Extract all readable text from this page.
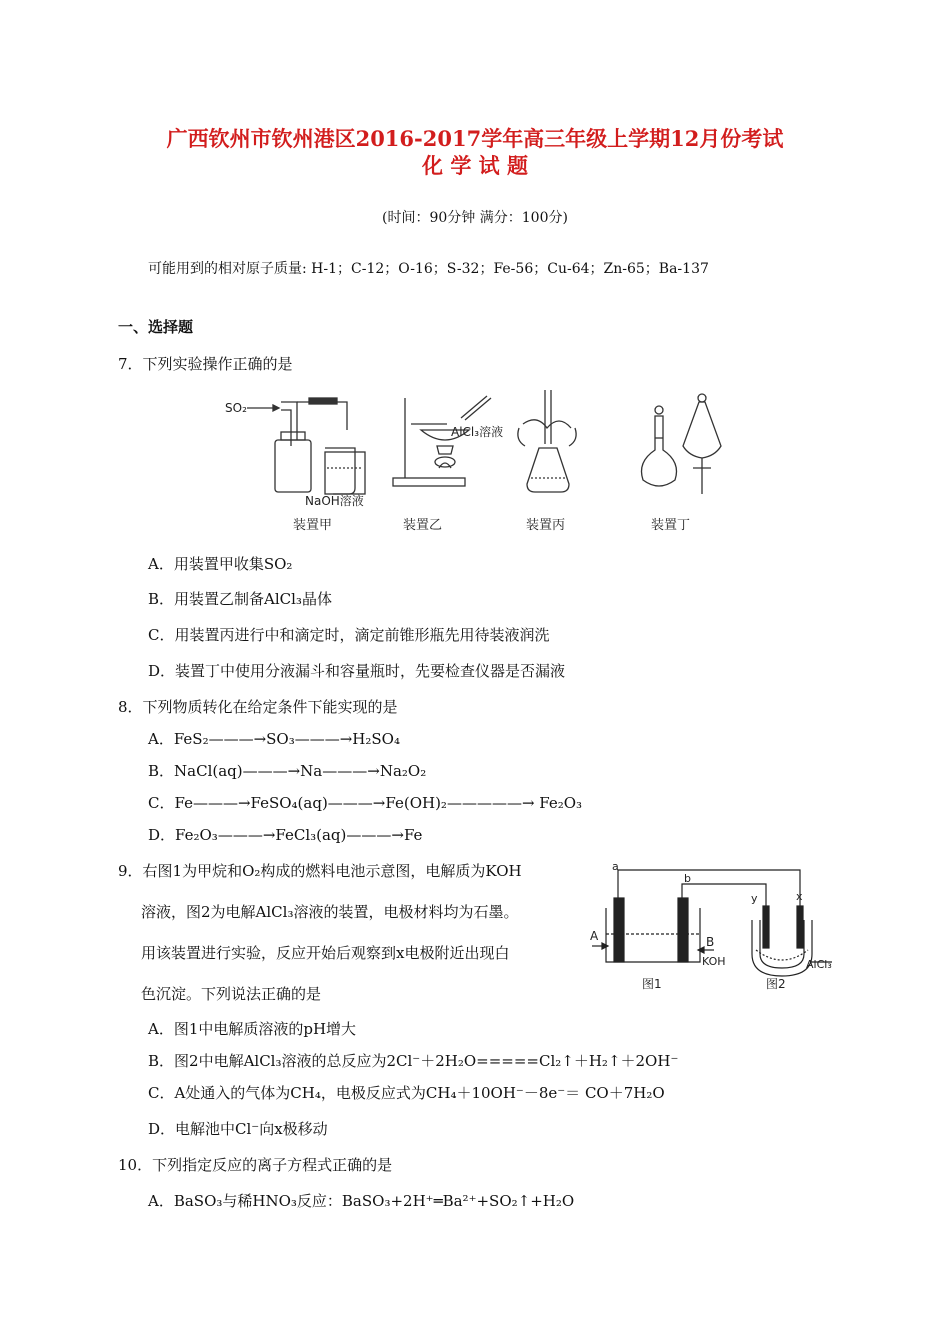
广西钦州市钦州港区2016-2017学年高三年级上学期12月份考试
化 学 试 题
(时间：90分钟 满分：100分)
可能用到的相对原子质量: H-1；C-12；O-16；S-32；Fe-56；Cu-64；Zn-65；Ba-137
一、选择题
7．下列实验操作正确的是
SO₂
NaOH溶液
AlCl₃溶液
装置甲	装置乙	装置丙	装置丁
A．用装置甲收集SO₂
B．用装置乙制备AlCl₃晶体
C．用装置丙进行中和滴定时，滴定前锥形瓶先用待装液润洗
D．装置丁中使用分液漏斗和容量瓶时，先要检查仪器是否漏液
8．下列物质转化在给定条件下能实现的是
A．FeS₂———→SO₃———→H₂SO₄
B．NaCl(aq)———→Na———→Na₂O₂
C．Fe———→FeSO₄(aq)———→Fe(OH)₂—————→ Fe₂O₃
D．Fe₂O₃———→FeCl₃(aq)———→Fe
9．右图1为甲烷和O₂构成的燃料电池示意图，电解质为KOH
溶液，图2为电解AlCl₃溶液的装置，电极材料均为石墨。
用该装置进行实验，反应开始后观察到x电极附近出现白
色沉淀。下列说法正确的是
a
b
y	x
A	B
KOH	AlCl₃
图1	图2
A．图1中电解质溶液的pH增大
B．图2中电解AlCl₃溶液的总反应为2Cl⁻＋2H₂O=====Cl₂↑＋H₂↑＋2OH⁻
C．A处通入的气体为CH₄，电极反应式为CH₄＋10OH⁻－8e⁻＝ CO＋7H₂O
D．电解池中Cl⁻向x极移动
10．下列指定反应的离子方程式正确的是
A．BaSO₃与稀HNO₃反应：BaSO₃+2H⁺═Ba²⁺+SO₂↑+H₂O
